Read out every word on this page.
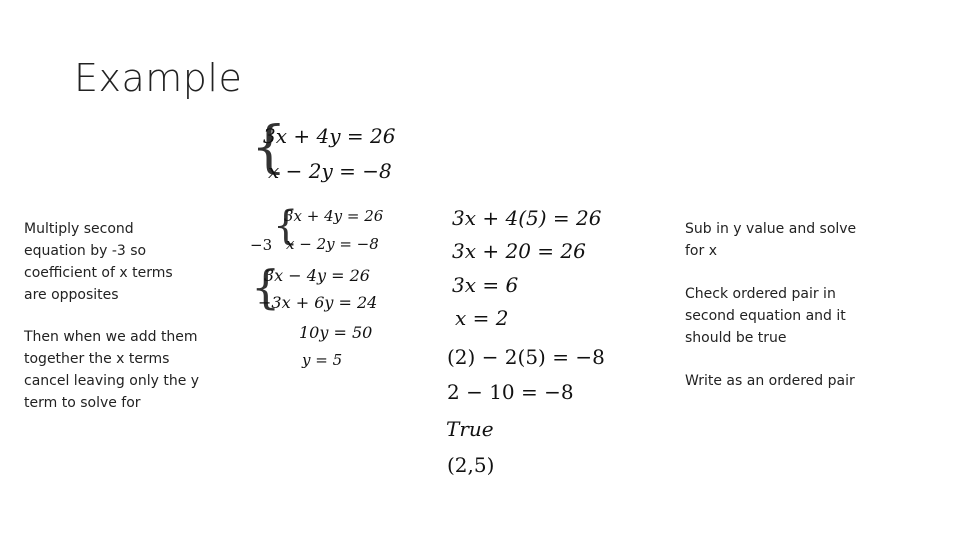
Example
Multiply second equation by -3 so coefficient of x terms are opposites
Then when we add them together the x terms cancel leaving only the y term to solve for
{
3x + 4y = 26
x − 2y = −8
−3 {
3x + 4y = 26
x − 2y = −8
{
3x − 4y = 26
−3x + 6y = 24
10y = 50
y = 5
3x + 4(5) = 26
3x + 20 = 26
3x = 6
x = 2
(2) − 2(5) = −8
2 − 10 = −8
True
(2,5)
Sub in y value and solve for x
Check ordered pair in second equation and it should be true
Write as an ordered pair
